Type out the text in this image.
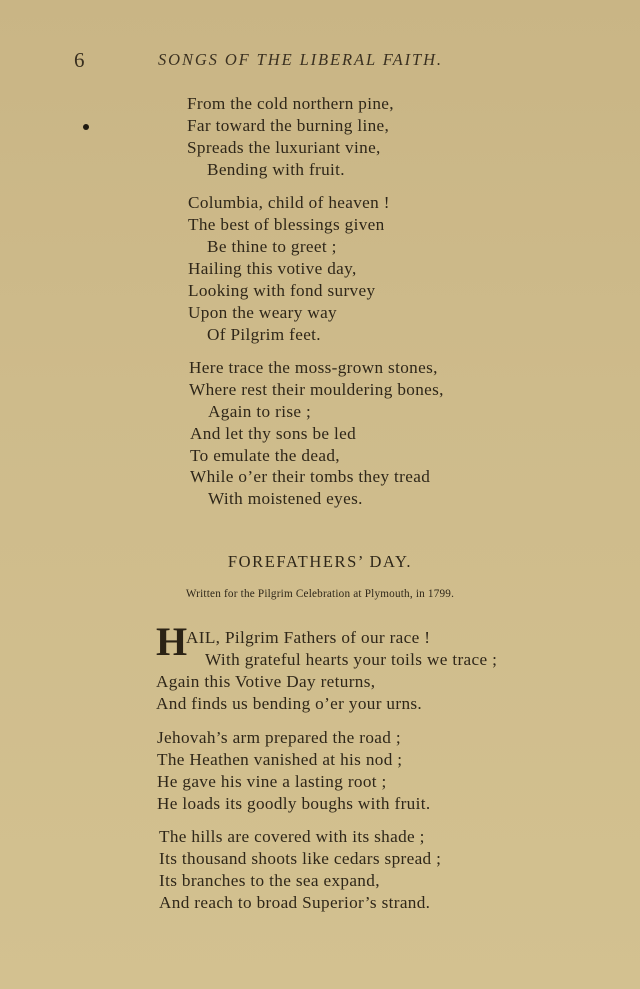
6	SONGS OF THE LIBERAL FAITH.
From the cold northern pine,
Far toward the burning line,
Spreads the luxuriant vine,
Bending with fruit.
Columbia, child of heaven !
The best of blessings given
Be thine to greet ;
Hailing this votive day,
Looking with fond survey
Upon the weary way
Of Pilgrim feet.
Here trace the moss-grown stones,
Where rest their mouldering bones,
Again to rise ;
And let thy sons be led
To emulate the dead,
While o’er their tombs they tread
With moistened eyes.
FOREFATHERS’ DAY.
Written for the Pilgrim Celebration at Plymouth, in 1799.
H
AIL, Pilgrim Fathers of our race !
With grateful hearts your toils we trace ;
Again this Votive Day returns,
And finds us bending o’er your urns.
Jehovah’s arm prepared the road ;
The Heathen vanished at his nod ;
He gave his vine a lasting root ;
He loads its goodly boughs with fruit.
The hills are covered with its shade ;
Its thousand shoots like cedars spread ;
Its branches to the sea expand,
And reach to broad Superior’s strand.
